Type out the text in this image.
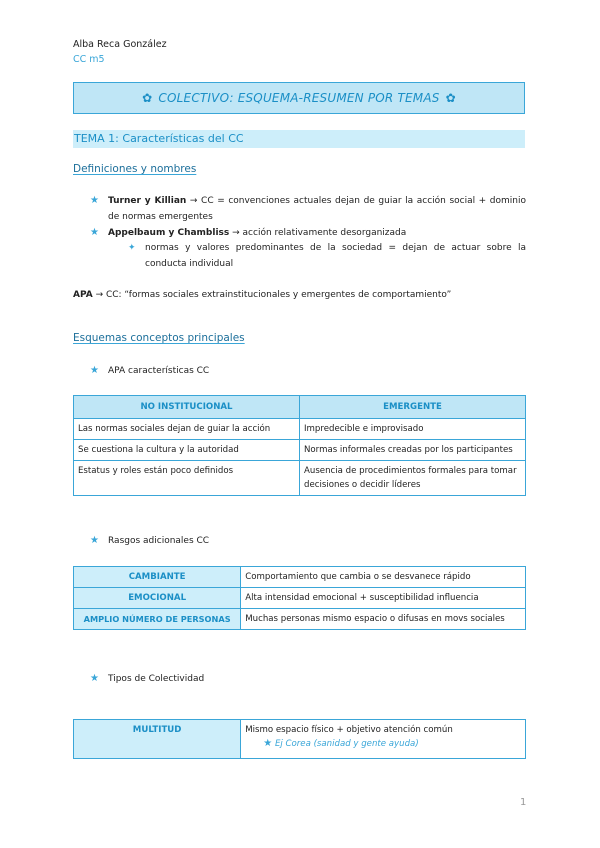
Alba Reca González
CC m5
✿ COLECTIVO: ESQUEMA-RESUMEN POR TEMAS ✿
TEMA 1: Características del CC
Definiciones y nombres
★ Turner y Killian → CC = convenciones actuales dejan de guiar la acción social + dominio de normas emergentes
★ Appelbaum y Chambliss → acción relativamente desorganizada
✦ normas y valores predominantes de la sociedad = dejan de actuar sobre la conducta individual
APA → CC: “formas sociales extrainstitucionales y emergentes de comportamiento”
Esquemas conceptos principales
★ APA características CC
NO INSTITUCIONAL	EMERGENTE
Las normas sociales dejan de guiar la acción	Impredecible e improvisado
Se cuestiona la cultura y la autoridad	Normas informales creadas por los participantes
Estatus y roles están poco definidos	Ausencia de procedimientos formales para tomar decisiones o decidir líderes
★ Rasgos adicionales CC
CAMBIANTE	Comportamiento que cambia o se desvanece rápido
EMOCIONAL	Alta intensidad emocional + susceptibilidad influencia
AMPLIO NÚMERO DE PERSONAS	Muchas personas mismo espacio o difusas en movs sociales
★ Tipos de Colectividad
MULTITUD	Mismo espacio físico + objetivo atención común
★ Ej Corea (sanidad y gente ayuda)
1
